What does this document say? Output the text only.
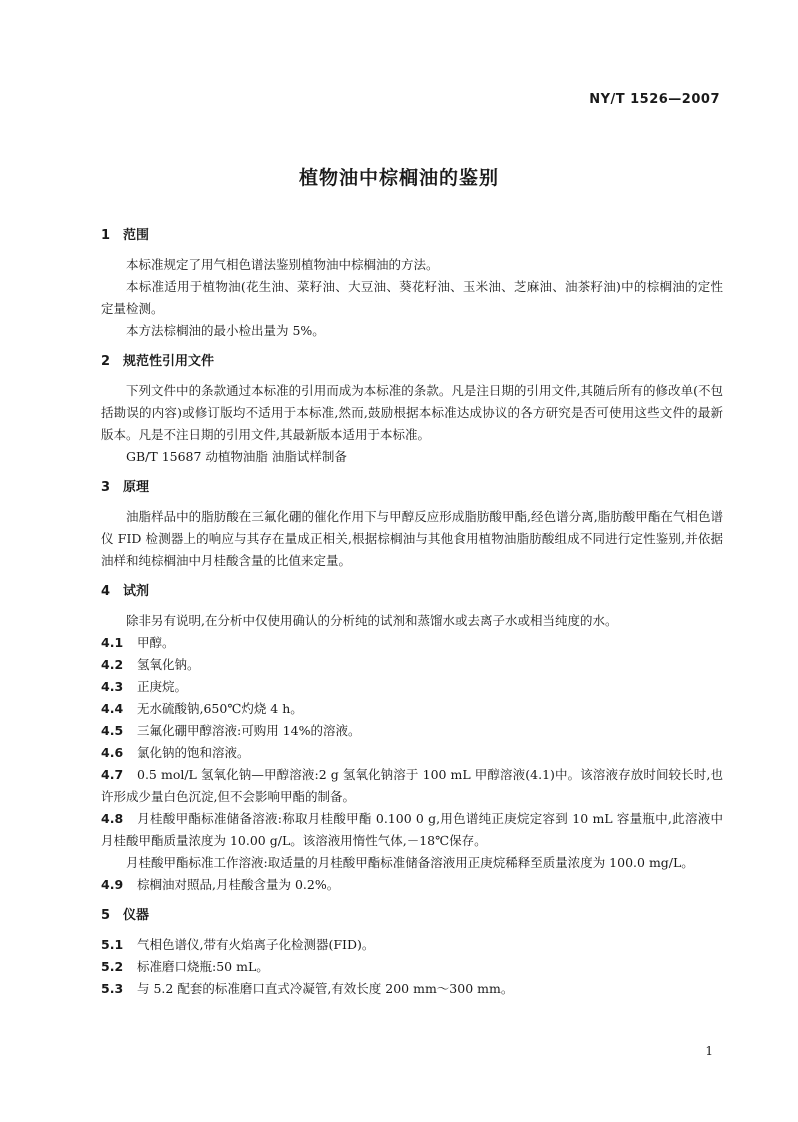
NY/T 1526—2007
植物油中棕榈油的鉴别

1 范围

本标准规定了用气相色谱法鉴别植物油中棕榈油的方法。

本标准适用于植物油(花生油、菜籽油、大豆油、葵花籽油、玉米油、芝麻油、油茶籽油)中的棕榈油的定性定量检测。

本方法棕榈油的最小检出量为 5%。

2 规范性引用文件

下列文件中的条款通过本标准的引用而成为本标准的条款。凡是注日期的引用文件,其随后所有的修改单(不包括勘误的内容)或修订版均不适用于本标准,然而,鼓励根据本标准达成协议的各方研究是否可使用这些文件的最新版本。凡是不注日期的引用文件,其最新版本适用于本标准。

GB/T 15687 动植物油脂 油脂试样制备

3 原理

油脂样品中的脂肪酸在三氟化硼的催化作用下与甲醇反应形成脂肪酸甲酯,经色谱分离,脂肪酸甲酯在气相色谱仪 FID 检测器上的响应与其存在量成正相关,根据棕榈油与其他食用植物油脂肪酸组成不同进行定性鉴别,并依据油样和纯棕榈油中月桂酸含量的比值来定量。

4 试剂

除非另有说明,在分析中仅使用确认的分析纯的试剂和蒸馏水或去离子水或相当纯度的水。

4.1 甲醇。

4.2 氢氧化钠。

4.3 正庚烷。

4.4 无水硫酸钠,650℃灼烧 4 h。

4.5 三氟化硼甲醇溶液:可购用 14%的溶液。

4.6 氯化钠的饱和溶液。

4.7 0.5 mol/L 氢氧化钠—甲醇溶液:2 g 氢氧化钠溶于 100 mL 甲醇溶液(4.1)中。该溶液存放时间较长时,也许形成少量白色沉淀,但不会影响甲酯的制备。

4.8 月桂酸甲酯标准储备溶液:称取月桂酸甲酯 0.100 0 g,用色谱纯正庚烷定容到 10 mL 容量瓶中,此溶液中月桂酸甲酯质量浓度为 10.00 g/L。该溶液用惰性气体,－18℃保存。

月桂酸甲酯标准工作溶液:取适量的月桂酸甲酯标准储备溶液用正庚烷稀释至质量浓度为 100.0 mg/L。

4.9 棕榈油对照品,月桂酸含量为 0.2%。

5 仪器

5.1 气相色谱仪,带有火焰离子化检测器(FID)。

5.2 标准磨口烧瓶:50 mL。

5.3 与 5.2 配套的标准磨口直式冷凝管,有效长度 200 mm～300 mm。

1
